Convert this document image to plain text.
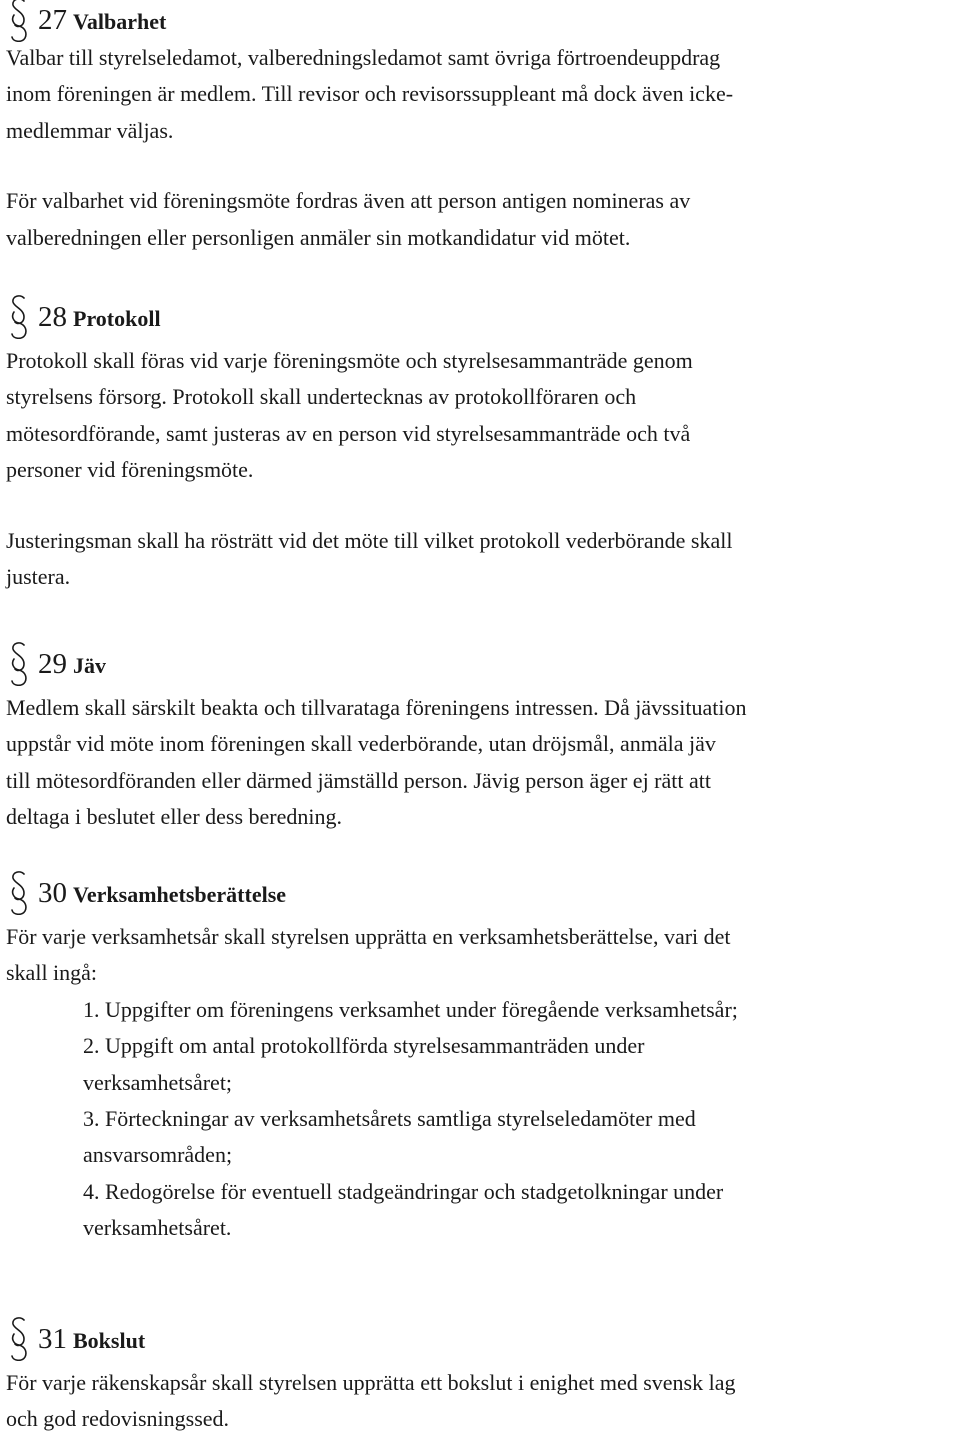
27 Valbarhet

Valbar till styrelseledamot, valberedningsledamot samt övriga förtroendeuppdrag

inom föreningen är medlem. Till revisor och revisorssuppleant må dock även icke-

medlemmar väljas.

För valbarhet vid föreningsmöte fordras även att person antigen nomineras av

valberedningen eller personligen anmäler sin motkandidatur vid mötet.

28 Protokoll

Protokoll skall föras vid varje föreningsmöte och styrelsesammanträde genom

styrelsens försorg. Protokoll skall undertecknas av protokollföraren och

mötesordförande, samt justeras av en person vid styrelsesammanträde och två

personer vid föreningsmöte.

Justeringsman skall ha rösträtt vid det möte till vilket protokoll vederbörande skall

justera.

29 Jäv

Medlem skall särskilt beakta och tillvaratag​a föreningens intressen. Då jävssituation

uppstår vid möte inom föreningen skall vederbörande, utan dröjsmål, anmäla jäv

till mötesordföranden eller därmed jämställd person. Jävig person äger ej rätt att

deltaga i beslutet eller dess beredning.

30 Verksamhetsberättelse

För varje verksamhetsår skall styrelsen upprätta en verksamhetsberättelse, vari det

skall ingå:

1. Uppgifter om föreningens verksamhet under föregående verksamhetsår;

2. Uppgift om antal protokollförda styrelsesammanträden under

verksamhetsåret;

3. Förteckningar av verksamhetsårets samtliga styrelseledamöter med

ansvarsområden;

4. Redogörelse för eventuell stadgeändringar och stadgetolkningar under

verksamhetsåret.

31 Bokslut

För varje räkenskapsår skall styrelsen upprätta ett bokslut i enighet med svensk lag

och god redovisningssed.
